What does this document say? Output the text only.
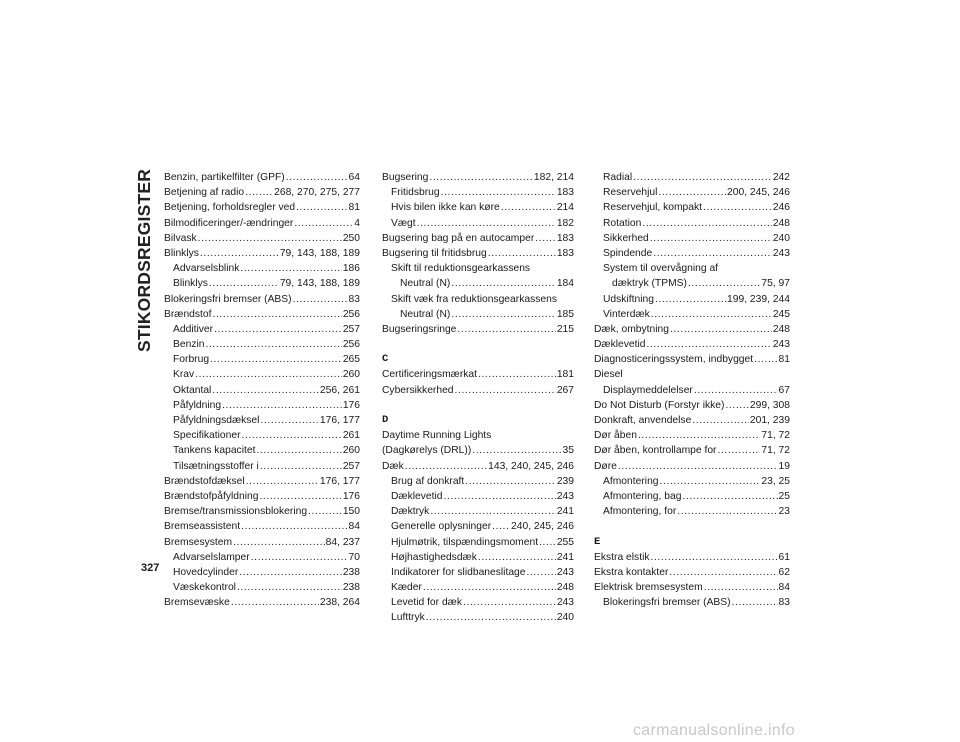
STIKORDSREGISTER Benzin, partikelfilter (GPF) .....	64
Betjening af radio .....	268, 270, 275, 277
Betjening, forholdsregler ved .....	81
Bilmodificeringer/-ændringer .....	4
Bilvask .....	250
Blinklys .....	79, 143, 188, 189
Advarselsblink .....	186
Blinklys .....	79, 143, 188, 189
Blokeringsfri bremser (ABS) .....	83
Brændstof .....	256
Additiver .....	257
Benzin .....	256
Forbrug .....	265
Krav .....	260
Oktantal .....	256, 261
Påfyldning .....	176
Påfyldningsdæksel .....	176, 177
Specifikationer .....	261
Tankens kapacitet .....	260
Tilsætningsstoffer i .....	257
Brændstofdæksel .....	176, 177
Brændstofpåfyldning .....	176
Bremse/transmissionsblokering .....	150
Bremseassistent .....	84
Bremsesystem .....	84, 237
Advarselslamper .....	70
Hovedcylinder .....	238
Væskekontrol .....	238
Bremsevæske .....	238, 264
Bugsering .....	182, 214
Fritidsbrug .....	183
Hvis bilen ikke kan køre .....	214
Vægt .....	182
Bugsering bag på en autocamper ..... 183
Bugsering til fritidsbrug .....	183
Skift til reduktionsgearkassens
Neutral (N) .....	184
Skift væk fra reduktionsgearkassens
Neutral (N) .....	185
Bugseringsringe .....	215
C
Certificeringsmærkat .....	181
Cybersikkerhed .....	267
D
Daytime Running Lights
(Dagkørelys (DRL)) .....	35
Dæk .....	143, 240, 245, 246
Brug af donkraft .....	239
Dæklevetid .....	243
Dæktryk .....	241
Generelle oplysninger ..... 240, 245, 246
Hjulmøtrik, tilspændingsmoment ..... 255
Højhastighedsdæk .....	241
Indikatorer for slidbaneslitage .....	243
Kæder .....	248
Levetid for dæk .....	243
Lufttryk .....	240
Radial .....	242
Reservehjul .....	200, 245, 246
Reservehjul, kompakt .....	246
Rotation .....	248
Sikkerhed .....	240
Spindende .....	243
System til overvågning af
dæktryk (TPMS) .....	75, 97
Udskiftning .....	199, 239, 244
Vinterdæk .....	245
Dæk, ombytning .....	248
Dæklevetid .....	243
Diagnosticeringssystem, indbygget ..... 81
Diesel
Displaymeddelelser .....	67
Do Not Disturb (Forstyr ikke) ..... 299, 308
Donkraft, anvendelse .....	201, 239
Dør åben .....	71, 72
Dør åben, kontrollampe for .....	71, 72
Døre .....	19
Afmontering .....	23, 25
Afmontering, bag .....	25
Afmontering, for .....	23
E
Ekstra elstik .....	61
Ekstra kontakter .....	62
Elektrisk bremsesystem .....	84
Blokeringsfri bremser (ABS) .....	83
327
carmanualsonline.info
